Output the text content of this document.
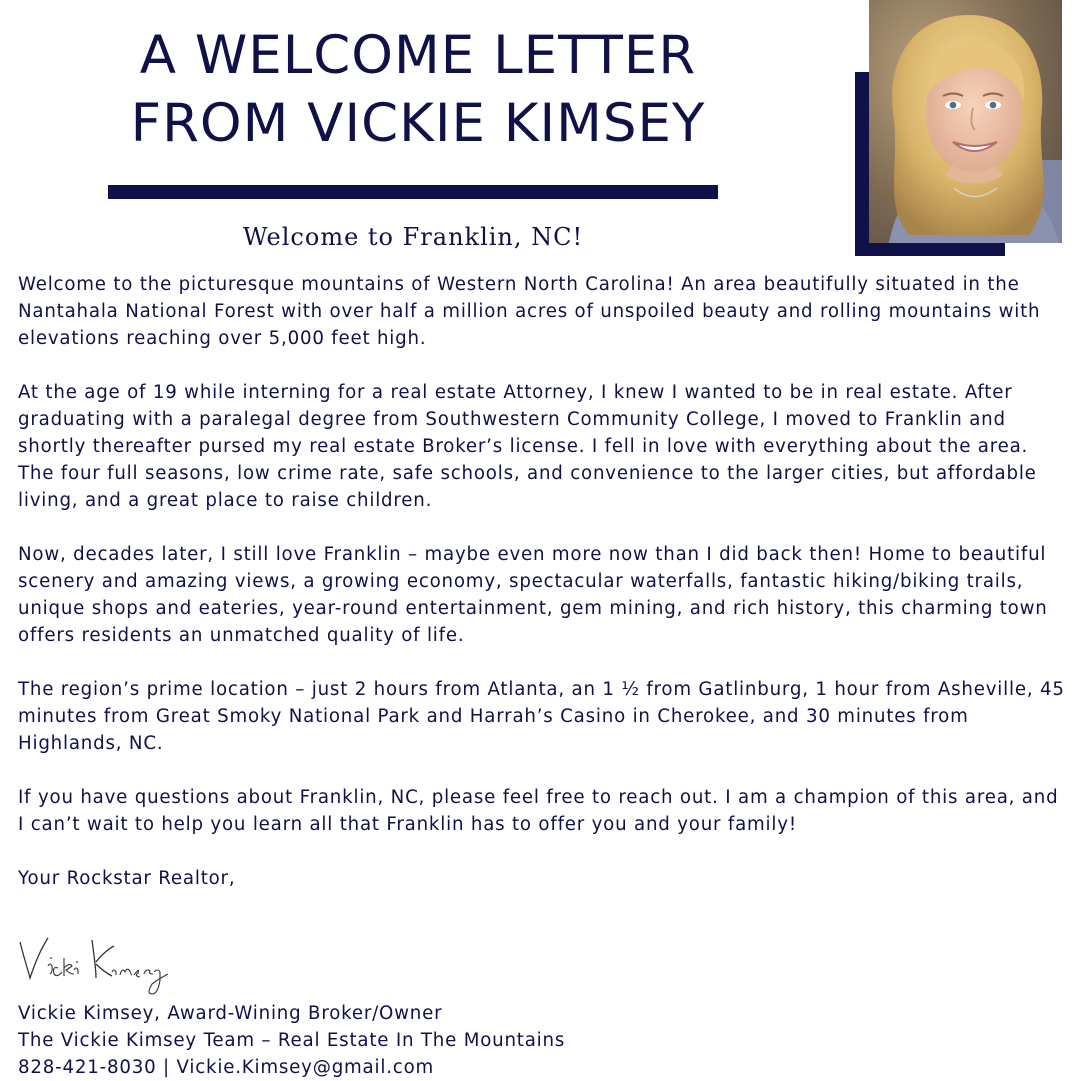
A WELCOME LETTER
FROM VICKIE KIMSEY
Welcome to Franklin, NC!

Welcome to the picturesque mountains of Western North Carolina! An area beautifully situated in the Nantahala National Forest with over half a million acres of unspoiled beauty and rolling mountains with elevations reaching over 5,000 feet high.

At the age of 19 while interning for a real estate Attorney, I knew I wanted to be in real estate. After graduating with a paralegal degree from Southwestern Community College, I moved to Franklin and shortly thereafter pursed my real estate Broker’s license. I fell in love with everything about the area. The four full seasons, low crime rate, safe schools, and convenience to the larger cities, but affordable living, and a great place to raise children.

Now, decades later, I still love Franklin – maybe even more now than I did back then! Home to beautiful scenery and amazing views, a growing economy, spectacular waterfalls, fantastic hiking/biking trails, unique shops and eateries, year-round entertainment, gem mining, and rich history, this charming town offers residents an unmatched quality of life.

The region’s prime location – just 2 hours from Atlanta, an 1 ½ from Gatlinburg, 1 hour from Asheville, 45 minutes from Great Smoky National Park and Harrah’s Casino in Cherokee, and 30 minutes from Highlands, NC.

If you have questions about Franklin, NC, please feel free to reach out. I am a champion of this area, and I can’t wait to help you learn all that Franklin has to offer you and your family!

Your Rockstar Realtor,

Vickie Kimsey, Award-Wining Broker/Owner
The Vickie Kimsey Team – Real Estate In The Mountains
828-421-8030 | Vickie.Kimsey@gmail.com
